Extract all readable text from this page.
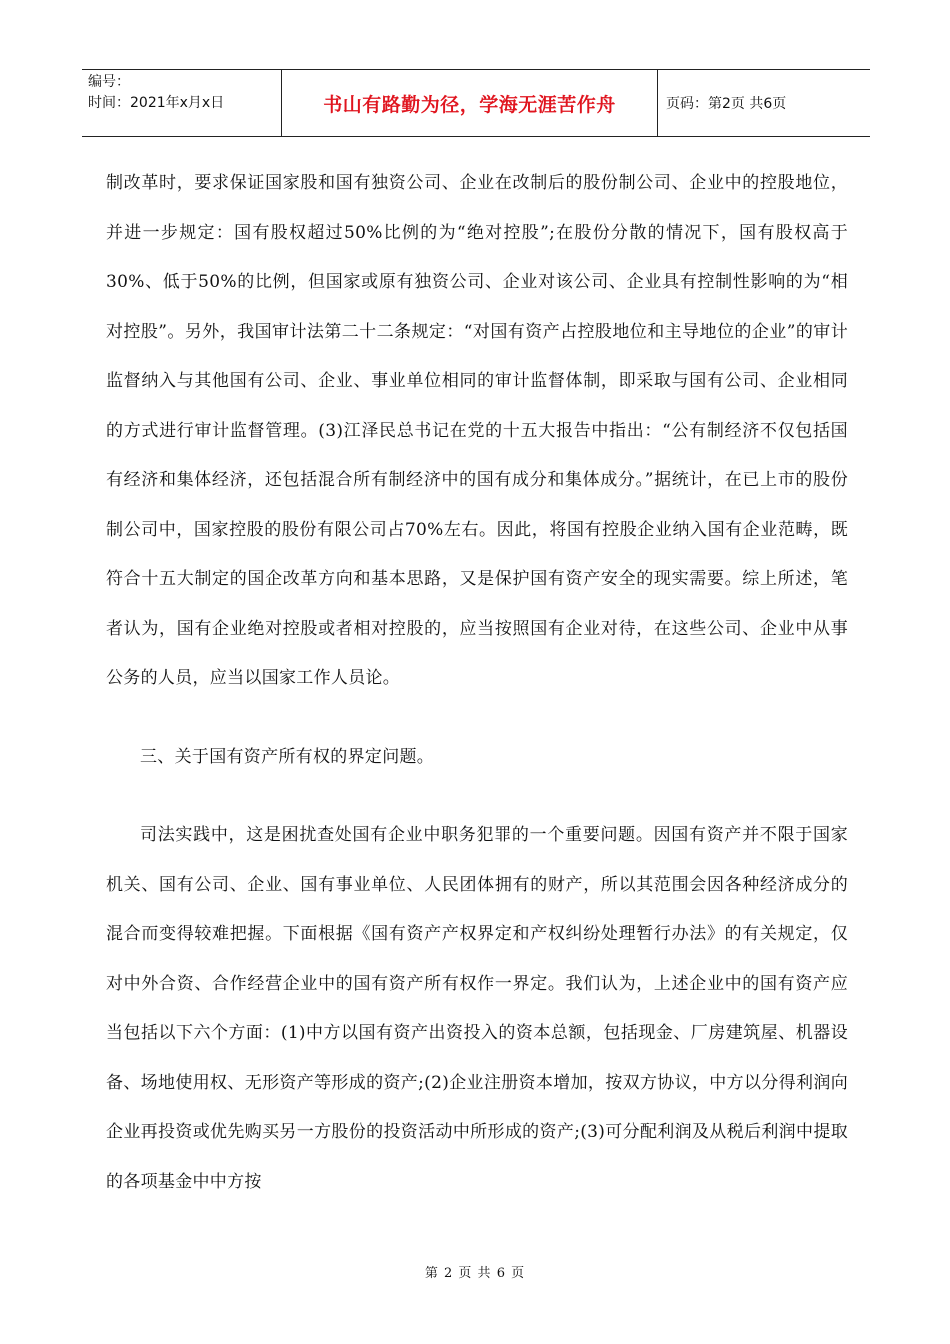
编号：
时间：2021年x月x日	书山有路勤为径，学海无涯苦作舟	页码：第2页 共6页

制改革时，要求保证国家股和国有独资公司、企业在改制后的股份制公司、企业中的控股地位，并进一步规定：国有股权超过50%比例的为“绝对控股”;在股份分散的情况下，国有股权高于30%、低于50%的比例，但国家或原有独资公司、企业对该公司、企业具有控制性影响的为“相对控股”。另外，我国审计法第二十二条规定：“对国有资产占控股地位和主导地位的企业”的审计监督纳入与其他国有公司、企业、事业单位相同的审计监督体制，即采取与国有公司、企业相同的方式进行审计监督管理。(3)江泽民总书记在党的十五大报告中指出：“公有制经济不仅包括国有经济和集体经济，还包括混合所有制经济中的国有成分和集体成分。”据统计，在已上市的股份制公司中，国家控股的股份有限公司占70%左右。因此，将国有控股企业纳入国有企业范畴，既符合十五大制定的国企改革方向和基本思路，又是保护国有资产安全的现实需要。综上所述，笔者认为，国有企业绝对控股或者相对控股的，应当按照国有企业对待，在这些公司、企业中从事公务的人员，应当以国家工作人员论。

三、关于国有资产所有权的界定问题。

司法实践中，这是困扰查处国有企业中职务犯罪的一个重要问题。因国有资产并不限于国家机关、国有公司、企业、国有事业单位、人民团体拥有的财产，所以其范围会因各种经济成分的混合而变得较难把握。下面根据《国有资产产权界定和产权纠纷处理暂行办法》的有关规定，仅对中外合资、合作经营企业中的国有资产所有权作一界定。我们认为，上述企业中的国有资产应当包括以下六个方面：(1)中方以国有资产出资投入的资本总额，包括现金、厂房建筑屋、机器设备、场地使用权、无形资产等形成的资产;(2)企业注册资本增加，按双方协议，中方以分得利润向企业再投资或优先购买另一方股份的投资活动中所形成的资产;(3)可分配利润及从税后利润中提取的各项基金中中方按

第 2 页 共 6 页
